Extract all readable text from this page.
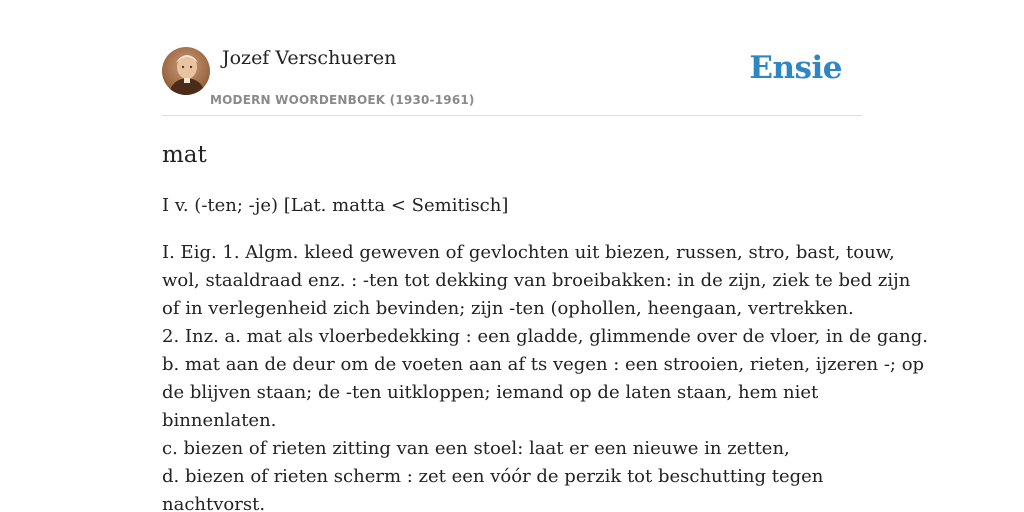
Jozef Verschueren
MODERN WOORDENBOEK (1930-1961)
Ensie
mat
I v. (-ten; -je) [Lat. matta < Semitisch]
I. Eig. 1. Algm. kleed geweven of gevlochten uit biezen, russen, stro, bast, touw,
wol, staaldraad enz. : -ten tot dekking van broeibakken: in de zijn, ziek te bed zijn
of in verlegenheid zich bevinden; zijn -ten (ophollen, heengaan, vertrekken.
2. Inz. a. mat als vloerbedekking : een gladde, glimmende over de vloer, in de gang.
b. mat aan de deur om de voeten aan af ts vegen : een strooien, rieten, ijzeren -; op
de blijven staan; de -ten uitkloppen; iemand op de laten staan, hem niet
binnenlaten.
c. biezen of rieten zitting van een stoel: laat er een nieuwe in zetten,
d. biezen of rieten scherm : zet een vóór de perzik tot beschutting tegen
nachtvorst.
